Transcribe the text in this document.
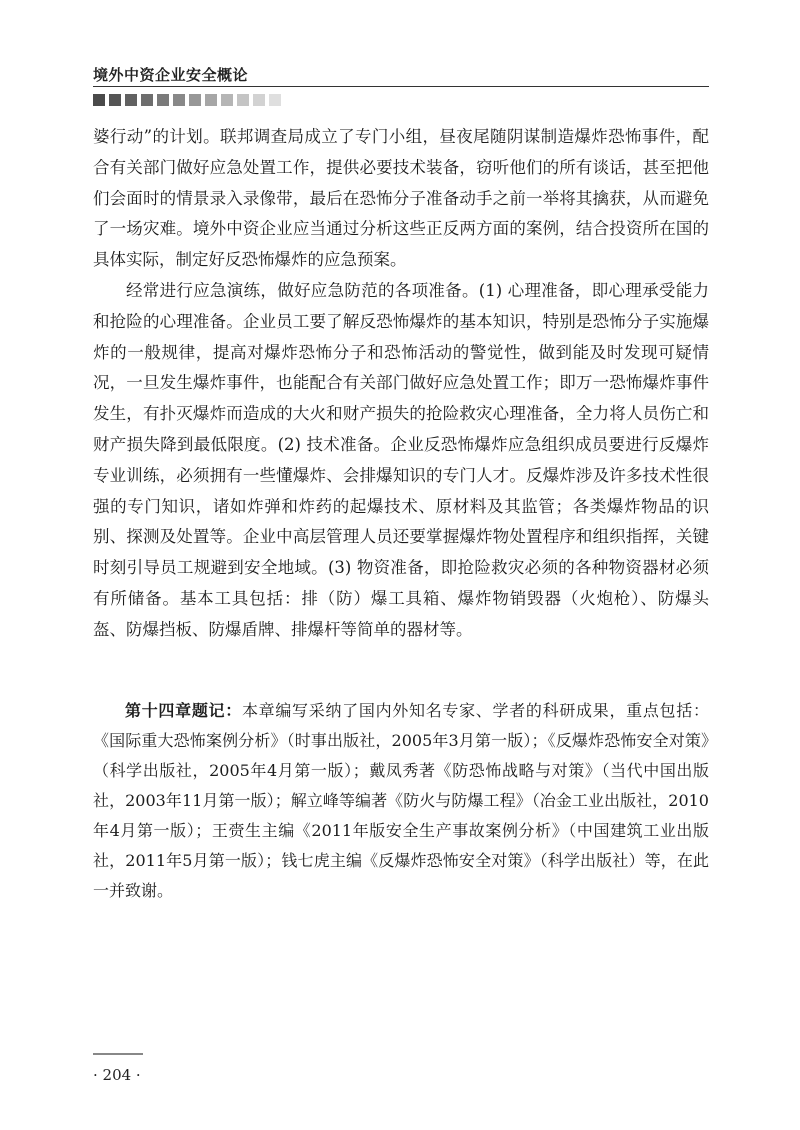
境外中资企业安全概论

婆行动”的计划。联邦调查局成立了专门小组，昼夜尾随阴谋制造爆炸恐怖事件，配合有关部门做好应急处置工作，提供必要技术装备，窃听他们的所有谈话，甚至把他们会面时的情景录入录像带，最后在恐怖分子准备动手之前一举将其擒获，从而避免了一场灾难。境外中资企业应当通过分析这些正反两方面的案例，结合投资所在国的具体实际，制定好反恐怖爆炸的应急预案。

经常进行应急演练，做好应急防范的各项准备。(1) 心理准备，即心理承受能力和抢险的心理准备。企业员工要了解反恐怖爆炸的基本知识，特别是恐怖分子实施爆炸的一般规律，提高对爆炸恐怖分子和恐怖活动的警觉性，做到能及时发现可疑情况，一旦发生爆炸事件，也能配合有关部门做好应急处置工作；即万一恐怖爆炸事件发生，有扑灭爆炸而造成的大火和财产损失的抢险救灾心理准备，全力将人员伤亡和财产损失降到最低限度。(2) 技术准备。企业反恐怖爆炸应急组织成员要进行反爆炸专业训练，必须拥有一些懂爆炸、会排爆知识的专门人才。反爆炸涉及许多技术性很强的专门知识，诸如炸弹和炸药的起爆技术、原材料及其监管；各类爆炸物品的识别、探测及处置等。企业中高层管理人员还要掌握爆炸物处置程序和组织指挥，关键时刻引导员工规避到安全地域。(3) 物资准备，即抢险救灾必须的各种物资器材必须有所储备。基本工具包括：排（防）爆工具箱、爆炸物销毁器（火炮枪）、防爆头盔、防爆挡板、防爆盾牌、排爆杆等简单的器材等。

第十四章题记：本章编写采纳了国内外知名专家、学者的科研成果，重点包括：《国际重大恐怖案例分析》（时事出版社，2005年3月第一版）；《反爆炸恐怖安全对策》（科学出版社，2005年4月第一版）；戴凤秀著《防恐怖战略与对策》（当代中国出版社，2003年11月第一版）；解立峰等编著《防火与防爆工程》（冶金工业出版社，2010年4月第一版）；王赍生主编《2011年版安全生产事故案例分析》（中国建筑工业出版社，2011年5月第一版）；钱七虎主编《反爆炸恐怖安全对策》（科学出版社）等，在此一并致谢。
· 204 ·
